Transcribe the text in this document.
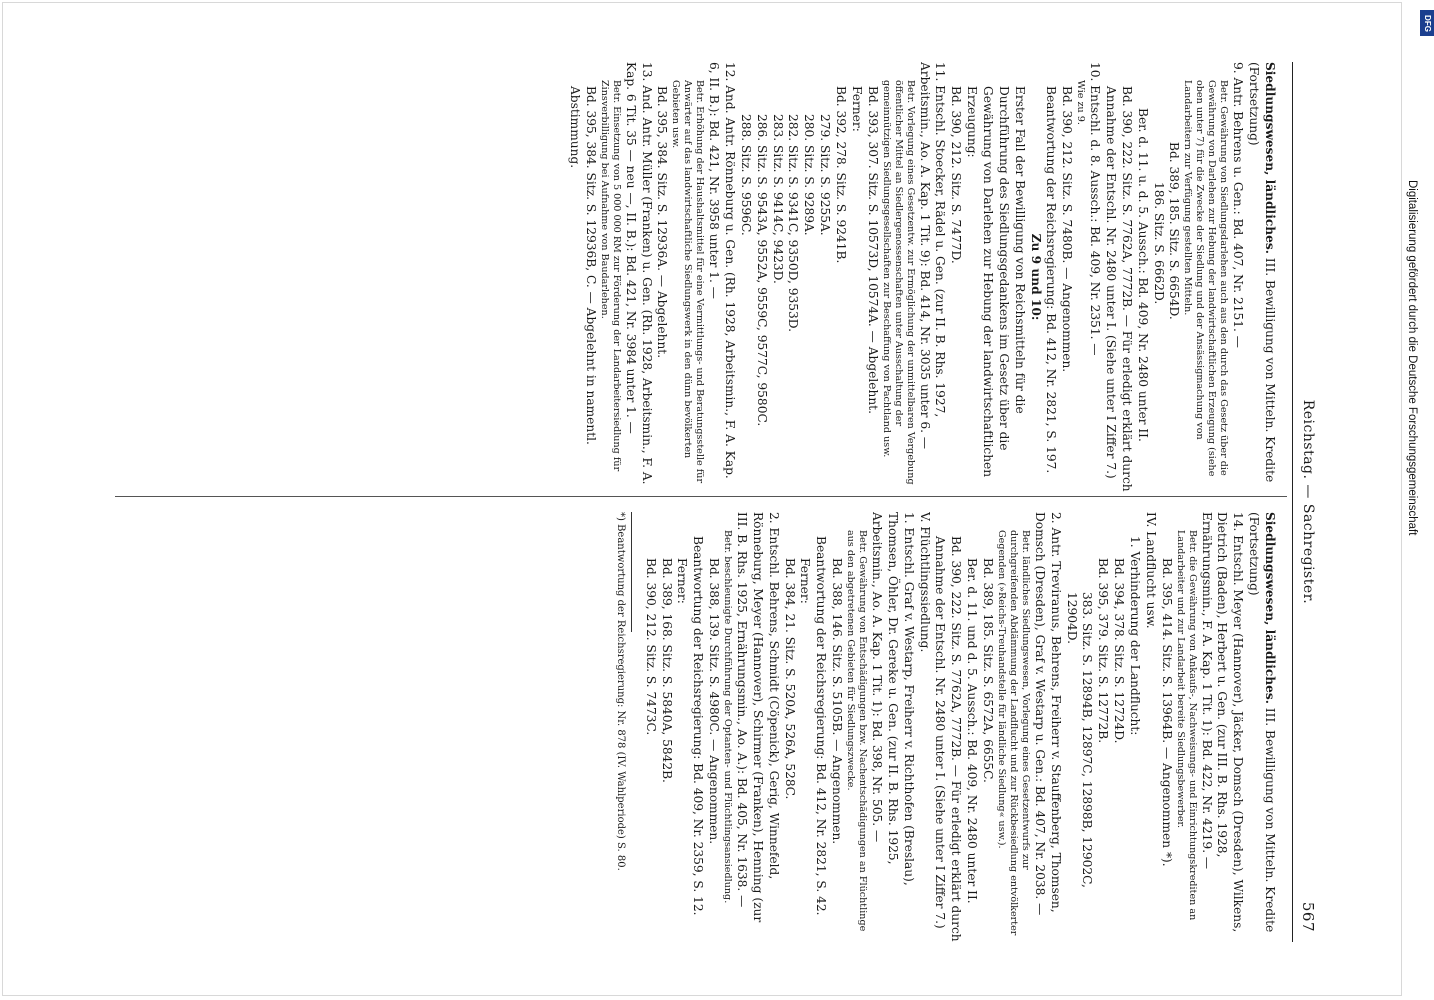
Reichstag. — Sachregister.
567

Siedlungswesen, ländliches. III. Bewilligung von Mitteln. Kredite (Fortsetzung)

9. Antr. Behrens u. Gen.: Bd. 407, Nr. 2151. —

Betr. Gewährung von Siedlungsdarlehen auch aus den durch das Gesetz über die Gewährung von Darlehen zur Hebung der landwirtschaftlichen Erzeugung (siehe oben unter 7) für die Zwecke der Siedlung und der Ansässigmachung von Landarbeitern zur Verfügung gestellten Mitteln.

Bd. 389, 185. Sitz. S. 6654D.

186. Sitz. S. 6662D.

Ber. d. 11. u. d. 5. Aussch.: Bd. 409, Nr. 2480 unter II.

Bd. 390, 222. Sitz. S. 7762A, 7772B. — Für erledigt erklärt durch Annahme der Entschl. Nr. 2480 unter I. (Siehe unter I Ziffer 7.)

10. Entschl. d. 8. Aussch.: Bd. 409, Nr. 2351. —

Wie zu 9.

Bd. 390, 212. Sitz. S. 7480B. — Angenommen.

Beantwortung der Reichsregierung: Bd. 412, Nr. 2821, S. 197.

Zu 9 und 10:

Erster Fall der Bewilligung von Reichsmitteln für die Durchführung des Siedlungsgedankens im Gesetz über die Gewährung von Darlehen zur Hebung der landwirtschaftlichen Erzeugung:

Bd. 390, 212. Sitz. S. 7477D.

11. Entschl. Stoecker, Rädel u. Gen. (zur II. B. Rhs. 1927, Arbeitsmin., Ao. A. Kap. 1 Tit. 9): Bd. 414, Nr. 3035 unter 6. —

Betr. Vorlegung eines Gesetzentw. zur Ermöglichung der unmittelbaren Vergebung öffentlicher Mittel an Siedlergenossenschaften unter Ausschaltung der gemeinnützigen Siedlungsgesellschaften zur Beschaffung von Pachtland usw.

Bd. 393, 307. Sitz. S. 10573D, 10574A. — Abgelehnt.

Ferner:

Bd. 392, 278. Sitz. S. 9241B.

279. Sitz. S. 9255A.

280. Sitz. S. 9289A.

282. Sitz. S. 9341C, 9350D, 9353D.

283. Sitz. S. 9414C, 9423D.

286. Sitz. S. 9543A, 9552A, 9559C, 9577C, 9580C.

288. Sitz. S. 9596C.

12. And. Antr. Rönneburg u. Gen. (Rh. 1928, Arbeitsmin., F. A. Kap. 6, II. B.): Bd. 421, Nr. 3958 unter 1. —

Betr. Erhöhung der Haushaltsmittel für eine Vermittlungs- und Beratungsstelle für Anwärter auf das landwirtschaftliche Siedlungswerk in den dünn bevölkerten Gebieten usw.

Bd. 395, 384. Sitz. S. 12936A. — Abgelehnt.

13. And. Antr. Müller (Franken) u. Gen. (Rh. 1928, Arbeitsmin., F. A. Kap. 6 Tit. 35 — neu —, II. B.): Bd. 421, Nr. 3984 unter 1. —

Betr. Einsetzung von 5 000 000 RM zur Förderung der Landarbeitersiedlung für Zinsverbilligung bei Aufnahme von Baudarlehen.

Bd. 395, 384. Sitz. S. 12936B, C. — Abgelehnt in namentl. Abstimmung.

Siedlungswesen, ländliches. III. Bewilligung von Mitteln. Kredite (Fortsetzung)

14. Entschl. Meyer (Hannover), Jäcker, Domsch (Dresden), Wilkens, Dietrich (Baden), Herbert u. Gen. (zur III. B. Rhs. 1928, Ernährungsmin., F. A. Kap. 1 Tit. 1): Bd. 422, Nr. 4219. —

Betr. die Gewährung von Ankaufs-, Nachweisungs- und Einrichtungskrediten an Landarbeiter und zur Landarbeit bereite Siedlungsbewerber.

Bd. 395, 414. Sitz. S. 13964B. — Angenommen *).

IV. Landflucht usw.

1. Verhinderung der Landflucht:

Bd. 394, 378. Sitz. S. 12724D.

Bd. 395, 379. Sitz. S. 12772B.

383. Sitz. S. 12894B, 12897C, 12898B, 12902C, 12904D.

2. Antr. Treviranus, Behrens, Freiherr v. Stauffenberg, Thomsen, Domsch (Dresden), Graf v. Westarp u. Gen.: Bd. 407, Nr. 2038. —

Betr. ländliches Siedlungswesen, Vorlegung eines Gesetzentwurfs zur durchgreifenden Abdämmung der Landflucht und zur Rückbesiedlung entvölkerter Gegenden (»Reichs-Treuhandstelle für ländliche Siedlung« usw.).

Bd. 389, 185. Sitz. S. 6572A, 6655C.

Ber. d. 11. und d. 5. Aussch.: Bd. 409, Nr. 2480 unter II.

Bd. 390, 222. Sitz. S. 7762A, 7772B. — Für erledigt erklärt durch Annahme der Entschl. Nr. 2480 unter I. (Siehe unter I Ziffer 7.)

V. Flüchtlingssiedlung.

1. Entschl. Graf v. Westarp, Freiherr v. Richthofen (Breslau), Thomsen, Öhler, Dr. Gereke u. Gen. (zur II. B. Rhs. 1925, Arbeitsmin., Ao. A. Kap. 1 Tit. 1): Bd. 398, Nr. 505. —

Betr. Gewährung von Entschädigungen bzw. Nachentschädigungen an Flüchtlinge aus den abgetretenen Gebieten für Siedlungszwecke.

Bd. 388, 146. Sitz. S. 5105B. — Angenommen.

Beantwortung der Reichsregierung: Bd. 412, Nr. 2821, S. 42.

Ferner:

Bd. 384, 21. Sitz. S. 520A, 526A, 528C.

2. Entschl. Behrens, Schmidt (Cöpenick), Gerig, Winnefeld, Rönneburg, Meyer (Hannover), Schirmer (Franken), Henning (zur III. B. Rhs. 1925, Ernährungsmin., Ao. A.): Bd. 405, Nr. 1638. —

Betr. beschleunigte Durchführung der Optanten- und Flüchtlingsansiedlung.

Bd. 388, 139. Sitz. S. 4980C. — Angenommen.

Beantwortung der Reichsregierung: Bd. 409, Nr. 2359, S. 12.

Ferner:

Bd. 389, 168. Sitz. S. 5840A, 5842B.

Bd. 390, 212. Sitz. S. 7473C.

*) Beantwortung der Reichsregierung: Nr. 878 (IV. Wahlperiode) S. 80.

Digitalisierung gefördert durch die Deutsche Forschungsgemeinschaft
DFG
